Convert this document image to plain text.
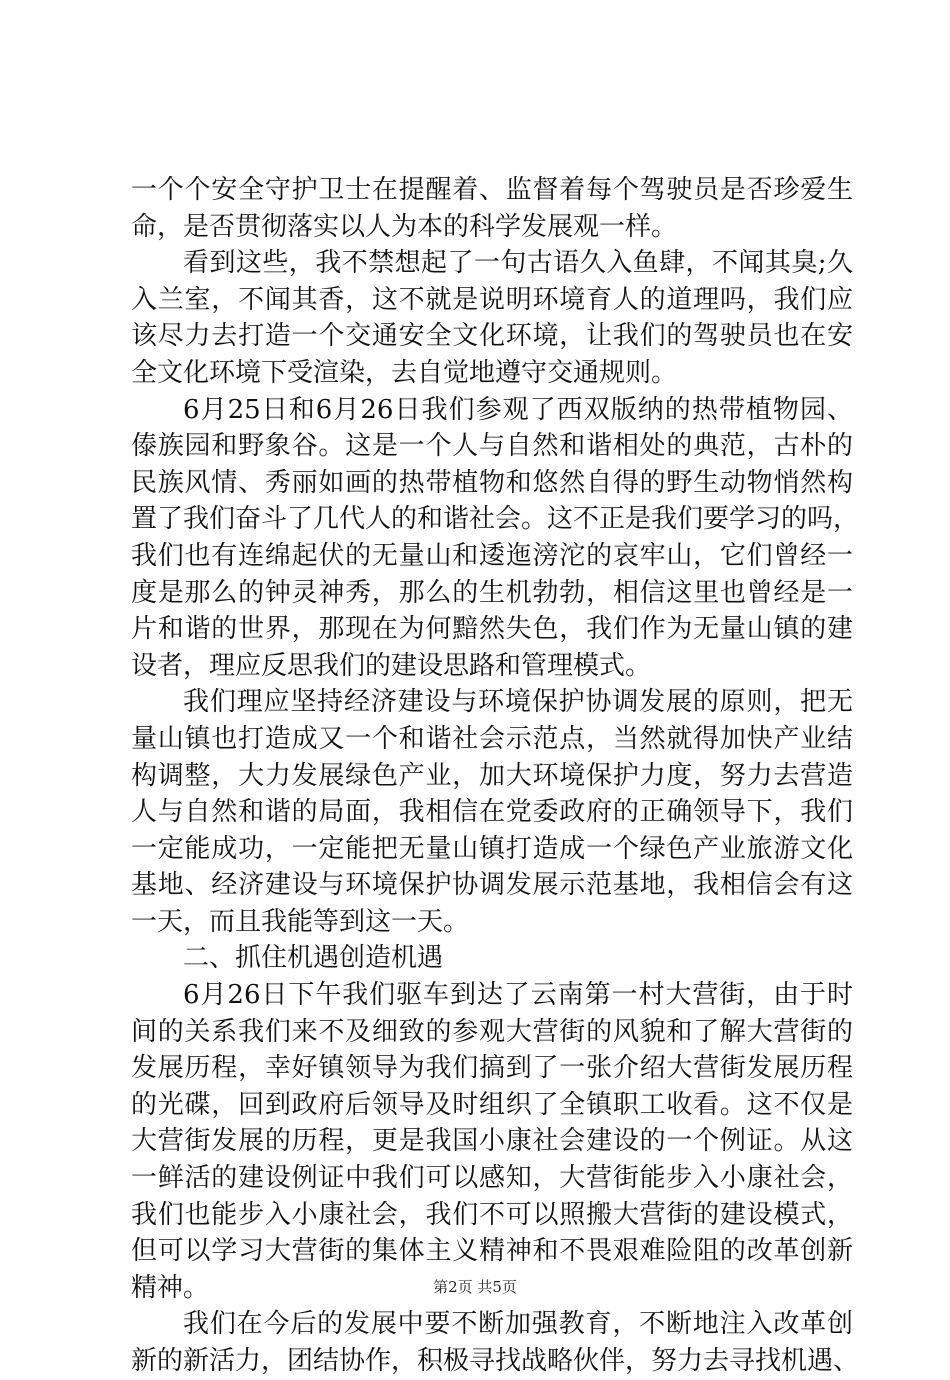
一个个安全守护卫士在提醒着、监督着每个驾驶员是否珍爱生
命，是否贯彻落实以人为本的科学发展观一样。
看到这些，我不禁想起了一句古语久入鱼肆，不闻其臭;久
入兰室，不闻其香，这不就是说明环境育人的道理吗，我们应
该尽力去打造一个交通安全文化环境，让我们的驾驶员也在安
全文化环境下受渲染，去自觉地遵守交通规则。
6月25日和6月26日我们参观了西双版纳的热带植物园、
傣族园和野象谷。这是一个人与自然和谐相处的典范，古朴的
民族风情、秀丽如画的热带植物和悠然自得的野生动物悄然构
置了我们奋斗了几代人的和谐社会。这不正是我们要学习的吗，
我们也有连绵起伏的无量山和逶迤滂沱的哀牢山，它们曾经一
度是那么的钟灵神秀，那么的生机勃勃，相信这里也曾经是一
片和谐的世界，那现在为何黯然失色，我们作为无量山镇的建
设者，理应反思我们的建设思路和管理模式。
我们理应坚持经济建设与环境保护协调发展的原则，把无
量山镇也打造成又一个和谐社会示范点，当然就得加快产业结
构调整，大力发展绿色产业，加大环境保护力度，努力去营造
人与自然和谐的局面，我相信在党委政府的正确领导下，我们
一定能成功，一定能把无量山镇打造成一个绿色产业旅游文化
基地、经济建设与环境保护协调发展示范基地，我相信会有这
一天，而且我能等到这一天。
二、抓住机遇创造机遇
6月26日下午我们驱车到达了云南第一村大营街，由于时
间的关系我们来不及细致的参观大营街的风貌和了解大营街的
发展历程，幸好镇领导为我们搞到了一张介绍大营街发展历程
的光碟，回到政府后领导及时组织了全镇职工收看。这不仅是
大营街发展的历程，更是我国小康社会建设的一个例证。从这
一鲜活的建设例证中我们可以感知，大营街能步入小康社会，
我们也能步入小康社会，我们不可以照搬大营街的建设模式，
但可以学习大营街的集体主义精神和不畏艰难险阻的改革创新
精神。
我们在今后的发展中要不断加强教育，不断地注入改革创
新的新活力，团结协作，积极寻找战略伙伴，努力去寻找机遇、
第2页 共5页
